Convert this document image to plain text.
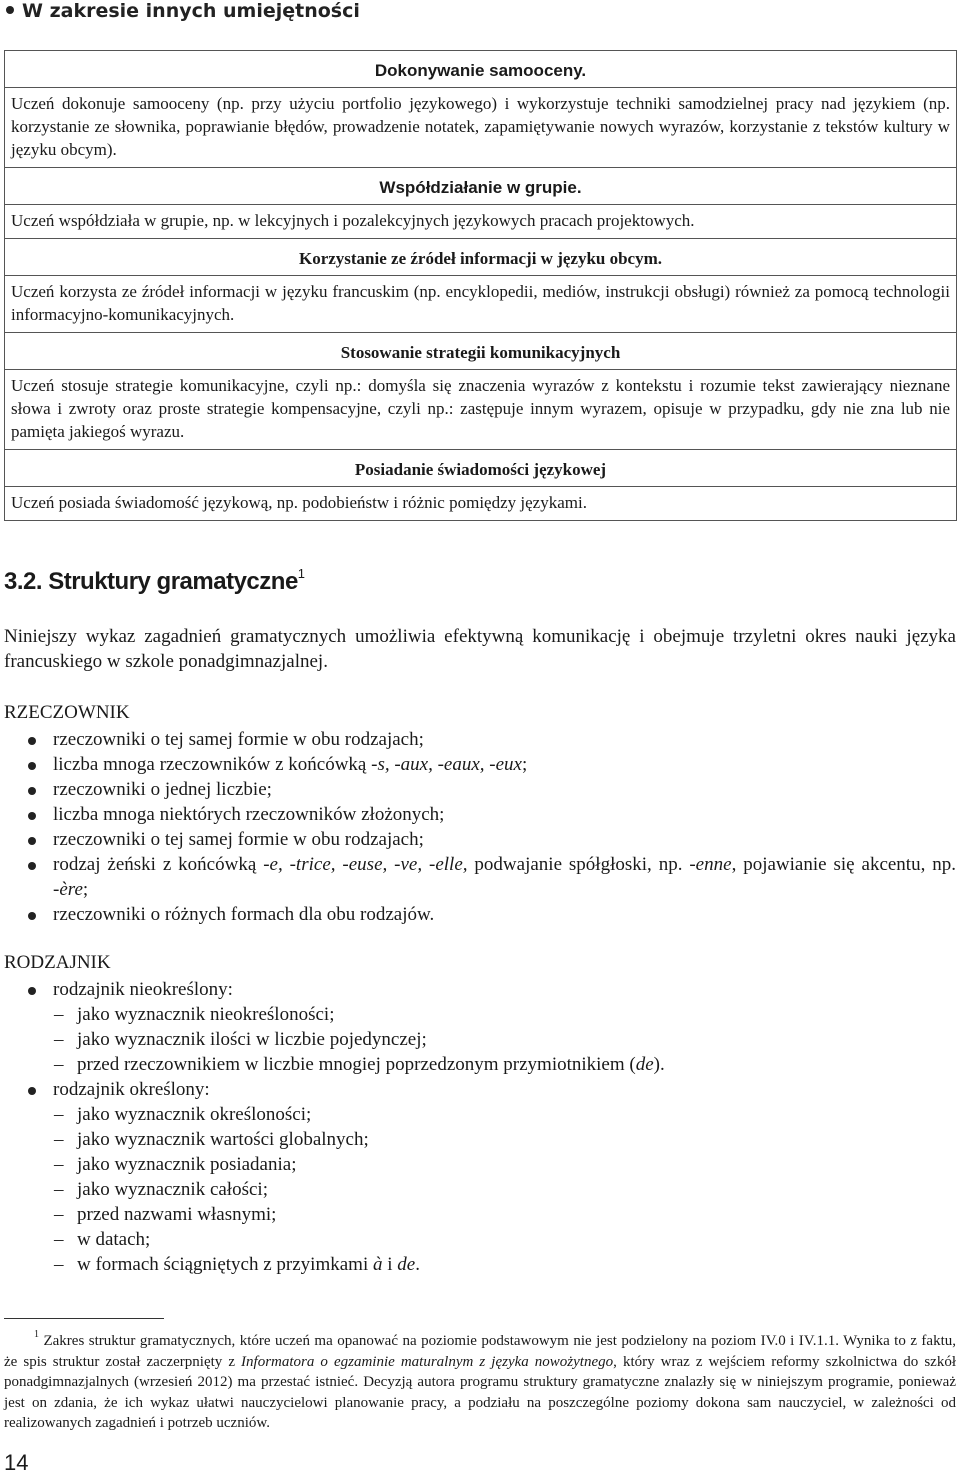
W zakresie innych umiejętności
Dokonywanie samooceny.
Uczeń dokonuje samooceny (np. przy użyciu portfolio językowego) i wykorzystuje techniki samodzielnej pracy nad językiem (np. korzystanie ze słownika, poprawianie błędów, prowadzenie notatek, zapamiętywanie nowych wyrazów, korzystanie z tekstów kultury w języku obcym).
Współdziałanie w grupie.
Uczeń współdziała w grupie, np. w lekcyjnych i pozalekcyjnych językowych pracach projektowych.
Korzystanie ze źródeł informacji w języku obcym.
Uczeń korzysta ze źródeł informacji w języku francuskim (np. encyklopedii, mediów, instrukcji obsługi) również za pomocą technologii informacyjno-komunikacyjnych.
Stosowanie strategii komunikacyjnych
Uczeń stosuje strategie komunikacyjne, czyli np.: domyśla się znaczenia wyrazów z kontekstu i rozumie tekst zawierający nieznane słowa i zwroty oraz proste strategie kompensacyjne, czyli np.: zastępuje innym wyrazem, opisuje w przypadku, gdy nie zna lub nie pamięta jakiegoś wyrazu.
Posiadanie świadomości językowej
Uczeń posiada świadomość językową, np. podobieństw i różnic pomiędzy językami.
3.2. Struktury gramatyczne$^1$
Niniejszy wykaz zagadnień gramatycznych umożliwia efektywną komunikację i obejmuje trzyletni okres nauki języka francuskiego w szkole ponadgimnazjalnej.
RZECZOWNIK
rzeczowniki o tej samej formie w obu rodzajach;
liczba mnoga rzeczowników z końcówką -s, -aux, -eaux, -eux;
rzeczowniki o jednej liczbie;
liczba mnoga niektórych rzeczowników złożonych;
rzeczowniki o tej samej formie w obu rodzajach;
rodzaj żeński z końcówką -e, -trice, -euse, -ve, -elle, podwajanie spółgłoski, np. -enne, pojawianie się akcentu, np. -ère;
rzeczowniki o różnych formach dla obu rodzajów.
RODZAJNIK
rodzajnik nieokreślony:
– jako wyznacznik nieokreśloności;
– jako wyznacznik ilości w liczbie pojedynczej;
– przed rzeczownikiem w liczbie mnogiej poprzedzonym przymiotnikiem (de).
rodzajnik określony:
– jako wyznacznik określoności;
– jako wyznacznik wartości globalnych;
– jako wyznacznik posiadania;
– jako wyznacznik całości;
– przed nazwami własnymi;
– w datach;
– w formach ściągniętych z przyimkami à i de.
$^1$ Zakres struktur gramatycznych, które uczeń ma opanować na poziomie podstawowym nie jest podzielony na poziom IV.0 i IV.1.1. Wynika to z faktu, że spis struktur został zaczerpnięty z Informatora o egzaminie maturalnym z języka nowożytnego, który wraz z wejściem reformy szkolnictwa do szkół ponadgimnazjalnych (wrzesień 2012) ma przestać istnieć. Decyzją autora programu struktury gramatyczne znalazły się w niniejszym programie, ponieważ jest on zdania, że ich wykaz ułatwi nauczycielowi planowanie pracy, a podziału na poszczególne poziomy dokona sam nauczyciel, w zależności od realizowanych zagadnień i potrzeb uczniów.
14
